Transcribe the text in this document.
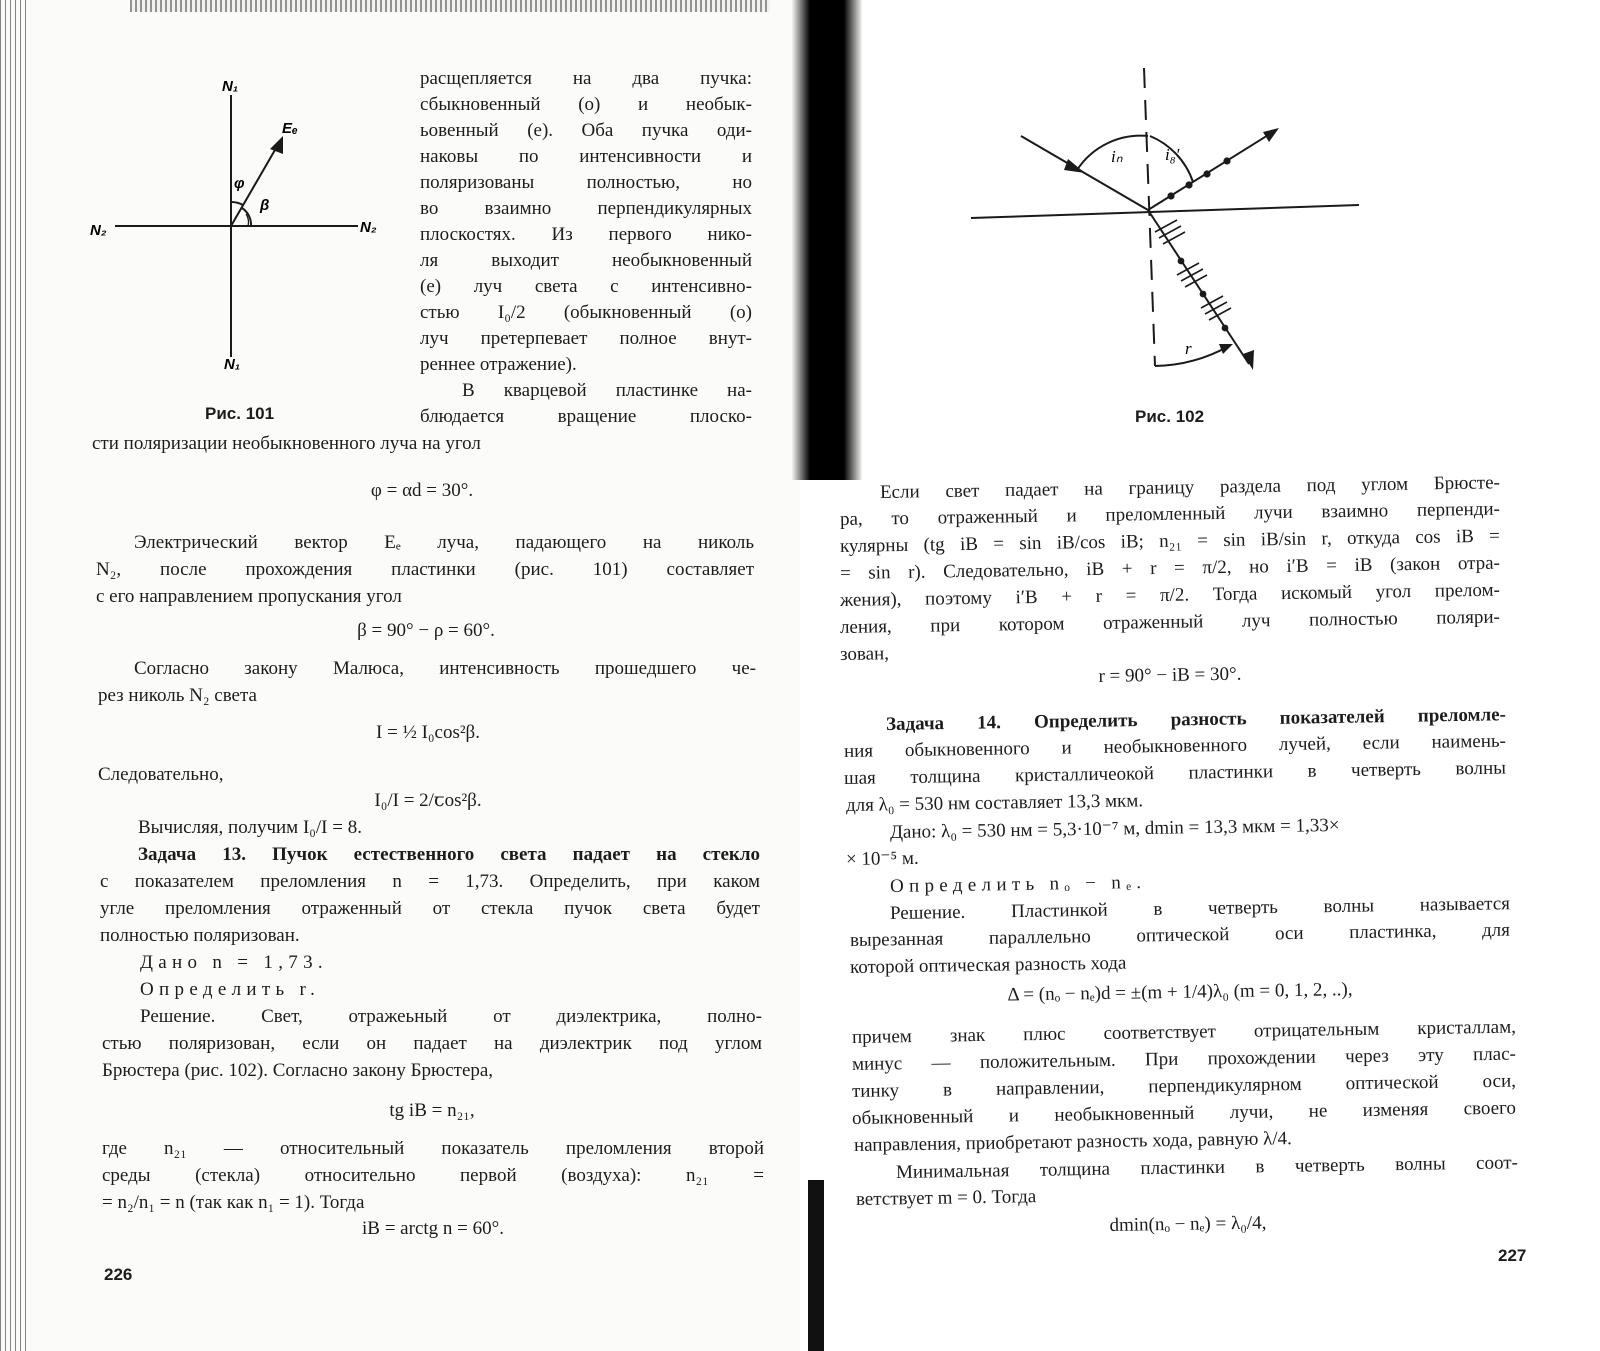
N₁
N₁
N₂	N₂
Eₑ
φ
β
Рис. 101

расщепляется на два пучка:

сбыкновенный (о) и необык-

ьовенный (е). Оба пучка оди-

наковы по интенсивности и

поляризованы полностью, но

во взаимно перпендикулярных

плоскостях. Из первого нико-

ля выходит необыкновенный

(е) луч света с интенсивно-

стью I₀/2 (обыкновенный (о)

луч претерпевает полное внут-

реннее отражение).

В кварцевой пластинке на-

блюдается вращение плоско-

сти поляризации необыкновенного луча на угол

φ = αd = 30°.

Электрический вектор Eₑ луча, падающего на николь

N₂, после прохождения пластинки (рис. 101) составляет

с его направлением пропускания угол

β = 90° − ρ = 60°.

Согласно закону Малюса, интенсивность прошедшего че-

рез николь N₂ света

I = ½ I₀cos²β.

Следовательно,

I₀/I = 2/ꞇos²β.

Вычисляя, получим I₀/I = 8.

Задача 13. Пучок естественного света падает на стекло

с показателем преломления n = 1,73. Определить, при каком

угле преломления отраженный от стекла пучок света будет

полностью поляризован.

Дано n = 1,73.

Определить r.

Решение. Свет, отражеьный от диэлектрика, полно-

стью поляризован, если он падает на диэлектрик под углом

Брюстера (рис. 102). Согласно закону Брюстера,

tg iВ = n₂₁,

где n₂₁ — относительный показатель преломления второй

среды (стекла) относительно первой (воздуха): n₂₁ =

= n₂/n₁ = n (так как n₁ = 1). Тогда

iВ = arctg n = 60°.

226
iₙ	i₈'
r
Рис. 102

Если свет падает на границу раздела под углом Брюсте-

ра, то отраженный и преломленный лучи взаимно перпенди-

кулярны (tg iВ = sin iВ/cos iВ; n₂₁ = sin iВ/sin r, откуда cos iВ =

= sin r). Следовательно, iВ + r = π/2, но i′В = iВ (закон отра-

жения), поэтому i′В + r = π/2. Тогда искомый угол прелом-

ления, при котором отраженный луч полностью поляри-

зован,

r = 90° − iВ = 30°.

Задача 14. Определить разность показателей преломле-

ния обыкновенного и необыкновенного лучей, если наимень-

шая толщина кристалличеокой пластинки в четверть волны

для λ₀ = 530 нм составляет 13,3 мкм.

Дано: λ₀ = 530 нм = 5,3·10⁻⁷ м, dmin = 13,3 мкм = 1,33×

× 10⁻⁵ м.

Определить nₒ − nₑ.

Решение. Пластинкой в четверть волны называется

вырезанная параллельно оптической оси пластинка, для

которой оптическая разность хода

Δ = (nₒ − nₑ)d = ±(m + 1/4)λ₀ (m = 0, 1, 2, ..),

причем знак плюс соответствует отрицательным кристаллам,

минус — положительным. При прохождении через эту плас-

тинку в направлении, перпендикулярном оптической оси,

обыкновенный и необыкновенный лучи, не изменяя своего

направления, приобретают разность хода, равную λ/4.

Минимальная толщина пластинки в четверть волны соот-

ветствует m = 0. Тогда

dmin(nₒ − nₑ) = λ₀/4,

227
